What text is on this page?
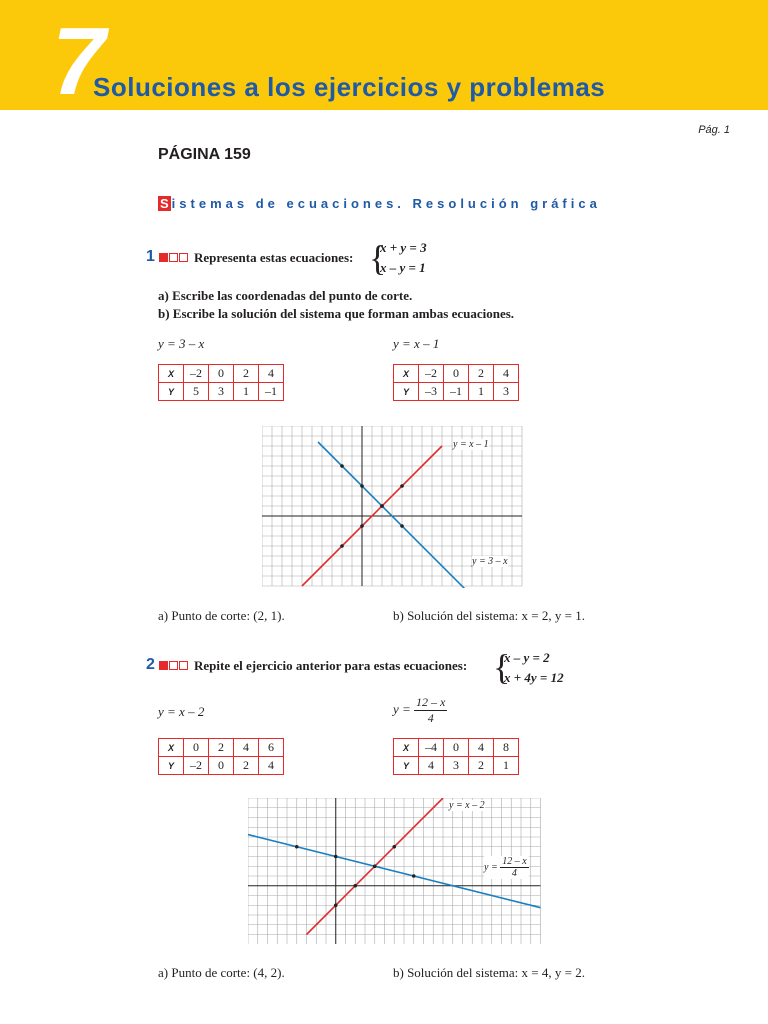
7
Soluciones a los ejercicios y problemas
Pág. 1
PÁGINA 159
S istemas de ecuaciones. Resolución gráfica
1	Representa estas ecuaciones: {
x + y = 3
x – y = 1
a) Escribe las coordenadas del punto de corte.
b) Escribe la solución del sistema que forman ambas ecuaciones.
y = 3 – x	y = x – 1
X	–2	0	2	4
Y	5	3	1	–1
X	–2	0	2	4
Y	–3	–1	1	3
y = x – 1
y = 3 – x
a) Punto de corte: (2, 1).	b) Solución del sistema: x = 2, y = 1.
2	Repite el ejercicio anterior para estas ecuaciones: {
x – y = 2
x + 4y = 12
y = x – 2	$y = \frac{12 - x}{4}$
X	0	2	4	6
Y	–2	0	2	4
X	–4	0	4	8
Y	4	3	2	1
y = x – 2
$y = \frac{12 - x}{4}$
a) Punto de corte: (4, 2).	b) Solución del sistema: x = 4, y = 2.
